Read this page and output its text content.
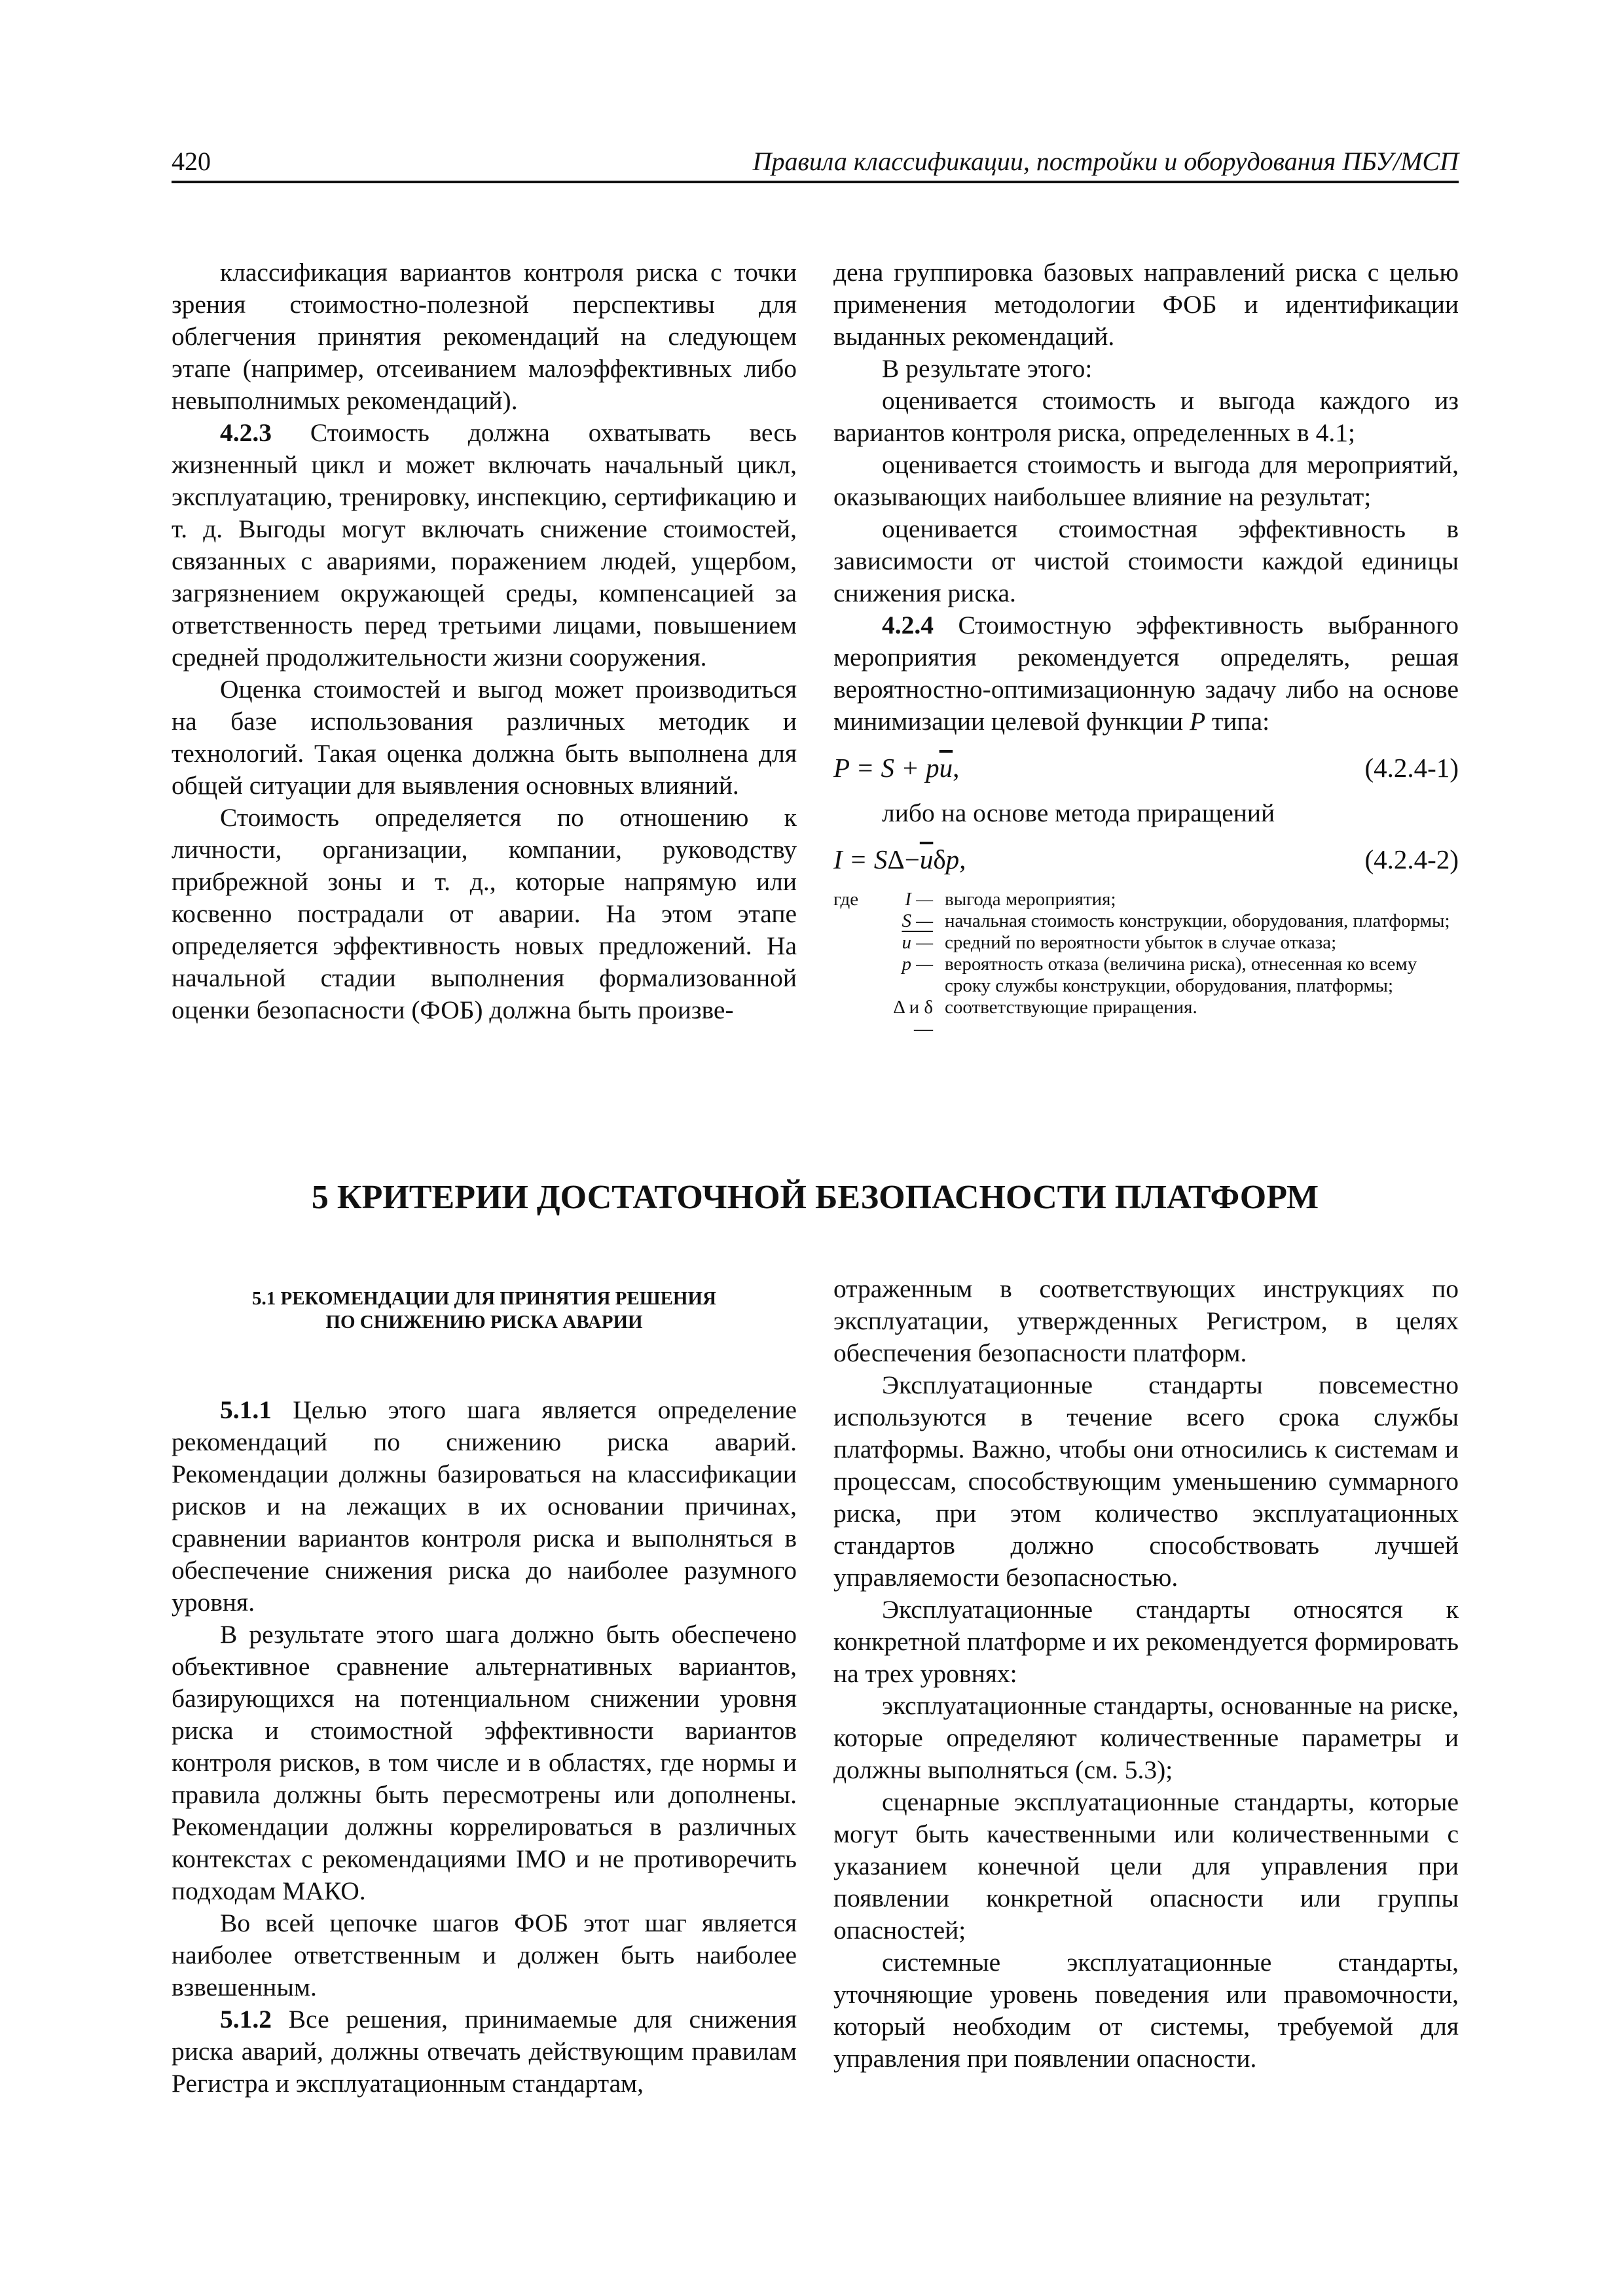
420	Правила классификации, постройки и оборудования ПБУ/МСП

классификация вариантов контроля риска с точки зрения стоимостно-полезной перспективы для облегчения принятия рекомендаций на следующем этапе (например, отсеиванием малоэффективных либо невыполнимых рекомендаций).

4.2.3 Стоимость должна охватывать весь жизненный цикл и может включать начальный цикл, эксплуатацию, тренировку, инспекцию, сертификацию и т. д. Выгоды могут включать снижение стоимостей, связанных с авариями, поражением людей, ущербом, загрязнением окружающей среды, компенсацией за ответственность перед третьими лицами, повышением средней продолжительности жизни сооружения.

Оценка стоимостей и выгод может производиться на базе использования различных методик и технологий. Такая оценка должна быть выполнена для общей ситуации для выявления основных влияний.

Стоимость определяется по отношению к личности, организации, компании, руководству прибрежной зоны и т. д., которые напрямую или косвенно пострадали от аварии. На этом этапе определяется эффективность новых предложений. На начальной стадии выполнения формализованной оценки безопасности (ФОБ) должна быть произве-

дена группировка базовых направлений риска с целью применения методологии ФОБ и идентификации выданных рекомендаций.

В результате этого:

оценивается стоимость и выгода каждого из вариантов контроля риска, определенных в 4.1;

оценивается стоимость и выгода для мероприятий, оказывающих наибольшее влияние на результат;

оценивается стоимостная эффективность в зависимости от чистой стоимости каждой единицы снижения риска.

4.2.4 Стоимостную эффективность выбранного мероприятия рекомендуется определять, решая вероятностно-оптимизационную задачу либо на основе минимизации целевой функции P типа:

$P = S + p\overline{u}$,	(4.2.4-1)

либо на основе метода приращений

$I = S\Delta-\overline{u}\delta p$,	(4.2.4-2)
где	I — выгода мероприятия;
S — начальная стоимость конструкции, оборудования, платформы;
u — средний по вероятности убыток в случае отказа;
p — вероятность отказа (величина риска), отнесенная ко всему сроку службы конструкции, оборудования, платформы;
Δ и δ —
соответствующие приращения.
5 КРИТЕРИИ ДОСТАТОЧНОЙ БЕЗОПАСНОСТИ ПЛАТФОРМ
5.1 РЕКОМЕНДАЦИИ ДЛЯ ПРИНЯТИЯ РЕШЕНИЯ
ПО СНИЖЕНИЮ РИСКА АВАРИИ

5.1.1 Целью этого шага является определение рекомендаций по снижению риска аварий. Рекомендации должны базироваться на классификации рисков и на лежащих в их основании причинах, сравнении вариантов контроля риска и выполняться в обеспечение снижения риска до наиболее разумного уровня.

В результате этого шага должно быть обеспечено объективное сравнение альтернативных вариантов, базирующихся на потенциальном снижении уровня риска и стоимостной эффективности вариантов контроля рисков, в том числе и в областях, где нормы и правила должны быть пересмотрены или дополнены. Рекомендации должны коррелироваться в различных контекстах с рекомендациями IMO и не противоречить подходам МАКО.

Во всей цепочке шагов ФОБ этот шаг является наиболее ответственным и должен быть наиболее взвешенным.

5.1.2 Все решения, принимаемые для снижения риска аварий, должны отвечать действующим правилам Регистра и эксплуатационным стандартам,

отраженным в соответствующих инструкциях по эксплуатации, утвержденных Регистром, в целях обеспечения безопасности платформ.

Эксплуатационные стандарты повсеместно используются в течение всего срока службы платформы. Важно, чтобы они относились к системам и процессам, способствующим уменьшению суммарного риска, при этом количество эксплуатационных стандартов должно способствовать лучшей управляемости безопасностью.

Эксплуатационные стандарты относятся к конкретной платформе и их рекомендуется формировать на трех уровнях:

эксплуатационные стандарты, основанные на риске, которые определяют количественные параметры и должны выполняться (см. 5.3);

сценарные эксплуатационные стандарты, которые могут быть качественными или количественными с указанием конечной цели для управления при появлении конкретной опасности или группы опасностей;

системные эксплуатационные стандарты, уточняющие уровень поведения или правомочности, который необходим от системы, требуемой для управления при появлении опасности.
